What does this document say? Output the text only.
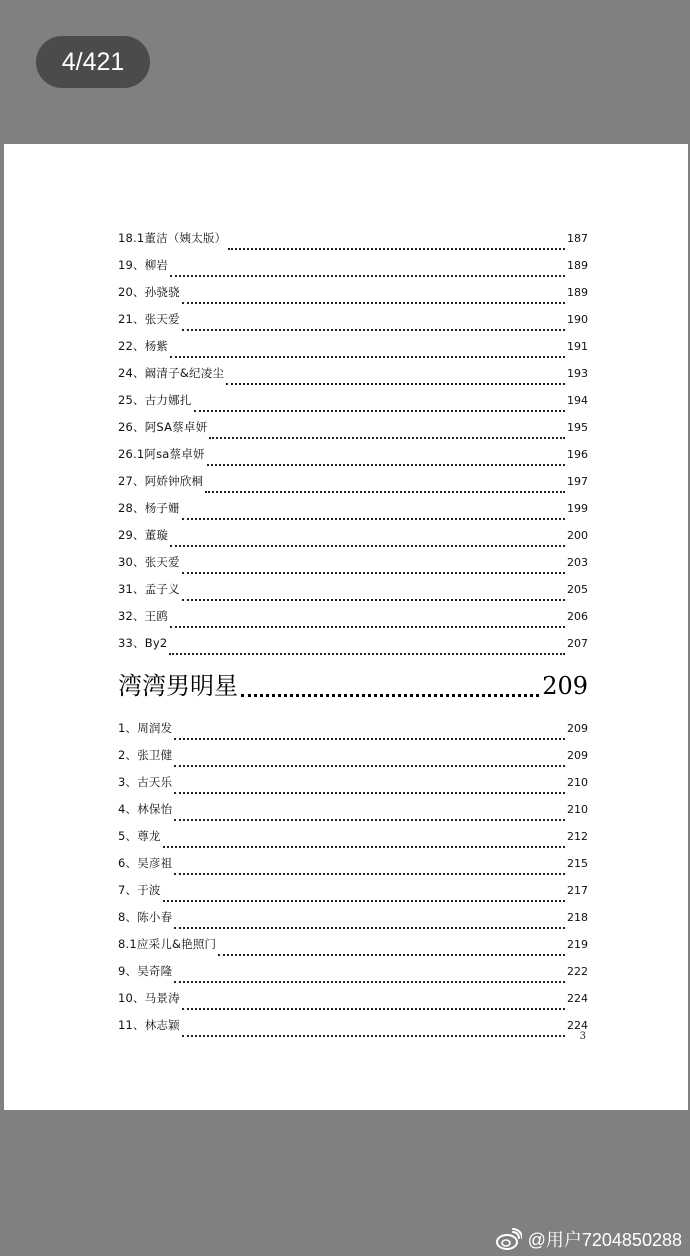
4/421
18.1董洁（姨太版）	187
19、柳岩	189
20、孙骁骁	189
21、张天爱	190
22、杨紫	191
24、阚清子&纪凌尘	193
25、古力娜扎	194
26、阿SA蔡卓妍	195
26.1阿sa蔡卓妍	196
27、阿娇钟欣桐	197
28、杨子姗	199
29、董璇	200
30、张天爱	203
31、孟子义	205
32、王鸥	206
33、By2	207
湾湾男明星	209
1、周润发	209
2、张卫健	209
3、古天乐	210
4、林保怡	210
5、尊龙	212
6、吴彦祖	215
7、于波	217
8、陈小春	218
8.1应采儿&艳照门	219
9、吴奇隆	222
10、马景涛	224
11、林志颖	224
3
@用户7204850288
